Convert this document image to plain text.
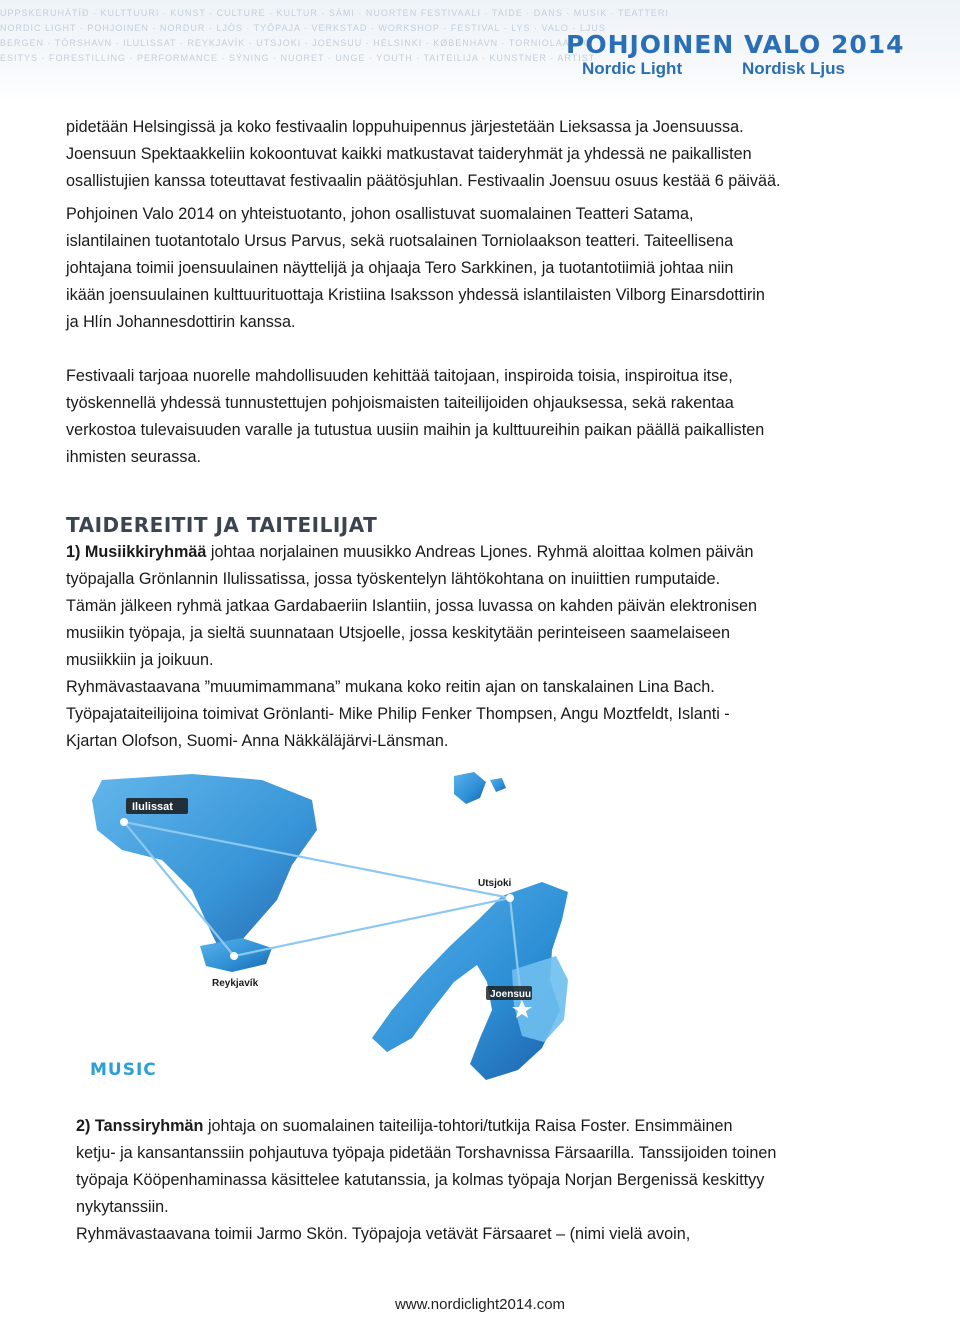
UPPSKERUHÁTÍÐ · KULTTUURI · KUNST · CULTURE · KULTUR · SÁMI · NUORTEN FESTIVAALI · TAIDE · DANS · MUSIK · TEATTERI
NORDIC LIGHT · POHJOINEN · NORDUR · LJÓS · TYÖPAJA · VERKSTAD · WORKSHOP · FESTIVAL · LYS · VALO · LJUS
BERGEN · TÓRSHAVN · ILULISSAT · REYKJAVÍK · UTSJOKI · JOENSUU · HELSINKI · KØBENHAVN · TORNIOLAAKSO
ESITYS · FORESTILLING · PERFORMANCE · SÝNING · NUORET · UNGE · YOUTH · TAITEILIJA · KUNSTNER · ARTIST
POHJOINEN VALO 2014
Nordic Light	Nordisk Ljus

pidetään Helsingissä ja koko festivaalin loppuhuipennus järjestetään Lieksassa ja Joensuussa.

Joensuun Spektaakkeliin kokoontuvat kaikki matkustavat taideryhmät ja yhdessä ne paikallisten

osallistujien kanssa toteuttavat festivaalin päätösjuhlan. Festivaalin Joensuu osuus kestää 6 päivää.

Pohjoinen Valo 2014 on yhteistuotanto, johon osallistuvat suomalainen Teatteri Satama,

islantilainen tuotantotalo Ursus Parvus, sekä ruotsalainen Torniolaakson teatteri. Taiteellisena

johtajana toimii joensuulainen näyttelijä ja ohjaaja Tero Sarkkinen, ja tuotantotiimiä johtaa niin

ikään joensuulainen kulttuurituottaja Kristiina Isaksson yhdessä islantilaisten Vilborg Einarsdottirin

ja Hlín Johannesdottirin kanssa.

Festivaali tarjoaa nuorelle mahdollisuuden kehittää taitojaan, inspiroida toisia, inspiroitua itse,

työskennellä yhdessä tunnustettujen pohjoismaisten taiteilijoiden ohjauksessa, sekä rakentaa

verkostoa tulevaisuuden varalle ja tutustua uusiin maihin ja kulttuureihin paikan päällä paikallisten

ihmisten seurassa.

TAIDEREITIT JA TAITEILIJAT

1) Musiikkiryhmää johtaa norjalainen muusikko Andreas Ljones. Ryhmä aloittaa kolmen päivän

työpajalla Grönlannin Ilulissatissa, jossa työskentelyn lähtökohtana on inuiittien rumputaide.

Tämän jälkeen ryhmä jatkaa Gardabaeriin Islantiin, jossa luvassa on kahden päivän elektronisen

musiikin työpaja, ja sieltä suunnataan Utsjoelle, jossa keskitytään perinteiseen saamelaiseen

musiikkiin ja joikuun.

Ryhmävastaavana ”muumimammana” mukana koko reitin ajan on tanskalainen Lina Bach.

Työpajataiteilijoina toimivat Grönlanti- Mike Philip Fenker Thompsen, Angu Moztfeldt, Islanti -

Kjartan Olofson, Suomi- Anna Näkkäläjärvi-Länsman.

Ilulissat
Reykjavík
Utsjoki
Joensuu
MUSIC

2) Tanssiryhmän johtaja on suomalainen taiteilija-tohtori/tutkija Raisa Foster. Ensimmäinen

ketju- ja kansantanssiin pohjautuva työpaja pidetään Torshavnissa Färsaarilla. Tanssijoiden toinen

työpaja Kööpenhaminassa käsittelee katutanssia, ja kolmas työpaja Norjan Bergenissä keskittyy

nykytanssiin.

Ryhmävastaavana toimii Jarmo Skön. Työpajoja vetävät Färsaaret – (nimi vielä avoin,

www.nordiclight2014.com
